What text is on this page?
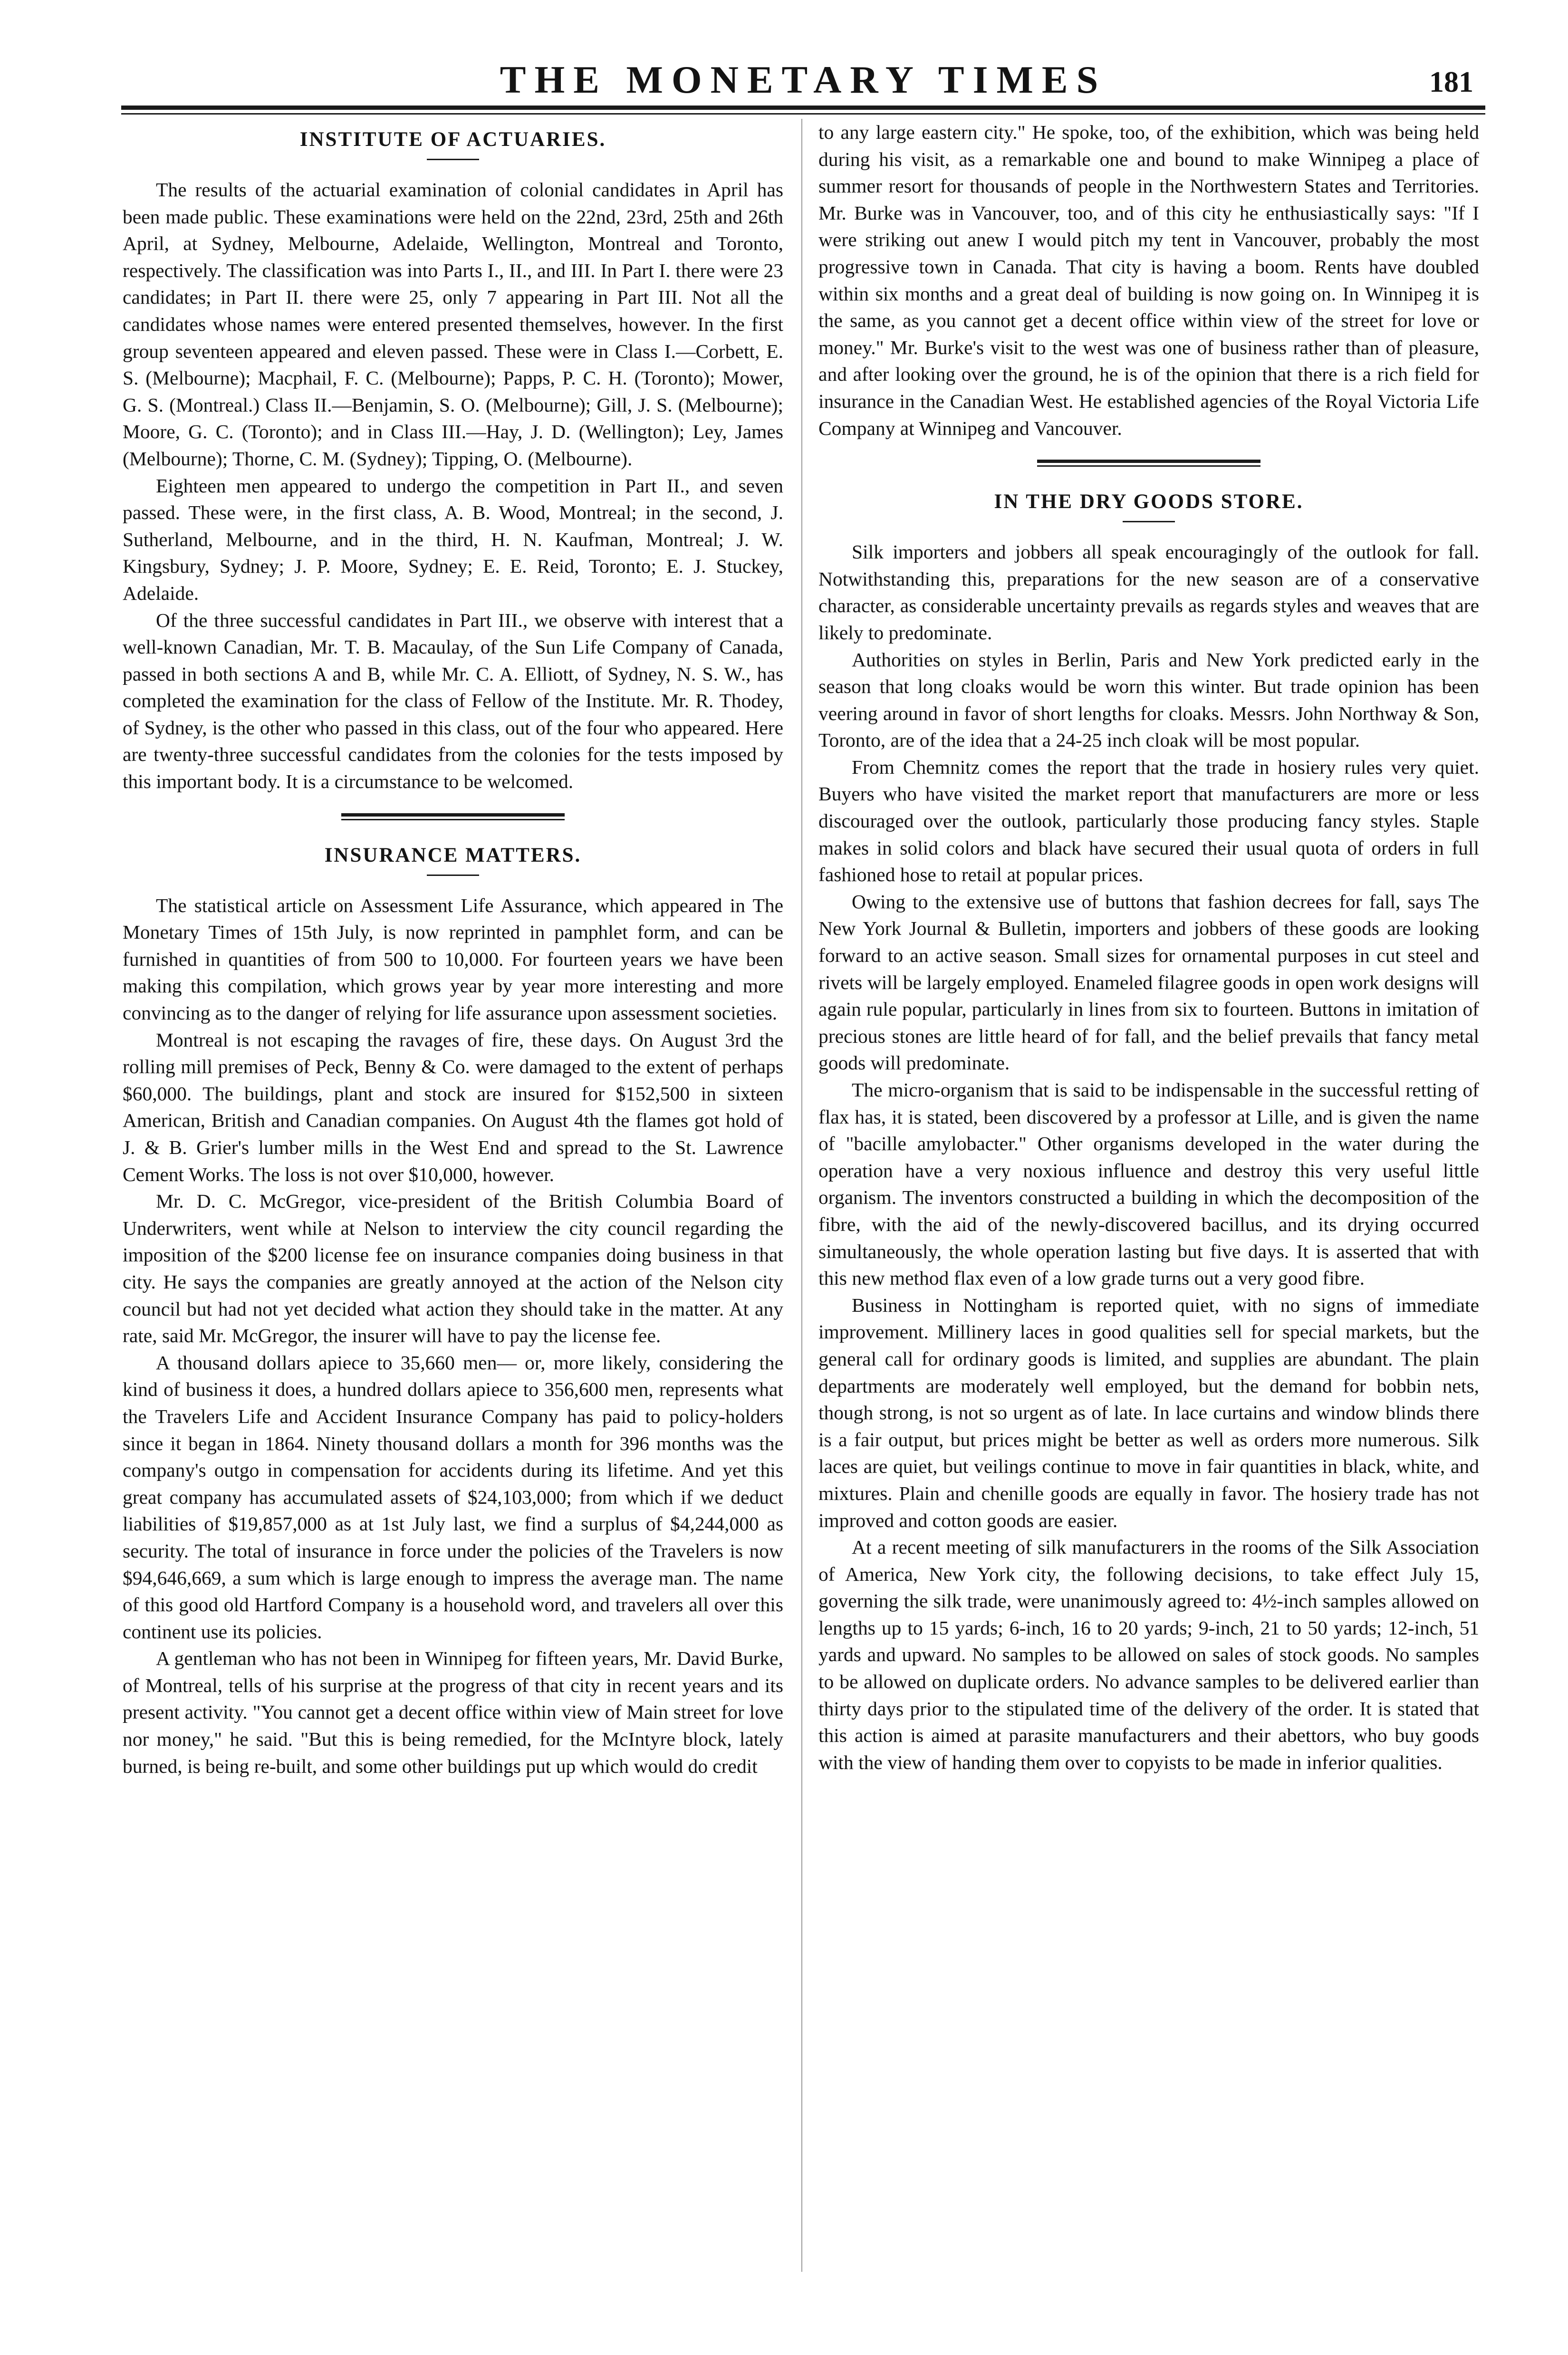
THE MONETARY TIMES	181
INSTITUTE OF ACTUARIES.

The results of the actuarial examination of colonial candidates in April has been made public. These examinations were held on the 22nd, 23rd, 25th and 26th April, at Sydney, Melbourne, Adelaide, Wellington, Montreal and Toronto, respectively. The classification was into Parts I., II., and III. In Part I. there were 23 candidates; in Part II. there were 25, only 7 appearing in Part III. Not all the candidates whose names were entered presented themselves, however. In the first group seventeen appeared and eleven passed. These were in Class I.—Corbett, E. S. (Melbourne); Macphail, F. C. (Melbourne); Papps, P. C. H. (Toronto); Mower, G. S. (Montreal.) Class II.—Benjamin, S. O. (Melbourne); Gill, J. S. (Melbourne); Moore, G. C. (Toronto); and in Class III.—Hay, J. D. (Wellington); Ley, James (Melbourne); Thorne, C. M. (Sydney); Tipping, O. (Melbourne).

Eighteen men appeared to undergo the competition in Part II., and seven passed. These were, in the first class, A. B. Wood, Montreal; in the second, J. Sutherland, Melbourne, and in the third, H. N. Kaufman, Montreal; J. W. Kingsbury, Sydney; J. P. Moore, Sydney; E. E. Reid, Toronto; E. J. Stuckey, Adelaide.

Of the three successful candidates in Part III., we observe with interest that a well-known Canadian, Mr. T. B. Macaulay, of the Sun Life Company of Canada, passed in both sections A and B, while Mr. C. A. Elliott, of Sydney, N. S. W., has completed the examination for the class of Fellow of the Institute. Mr. R. Thodey, of Sydney, is the other who passed in this class, out of the four who appeared. Here are twenty-three successful candidates from the colonies for the tests imposed by this important body. It is a circumstance to be welcomed.

INSURANCE MATTERS.

The statistical article on Assessment Life Assurance, which appeared in The Monetary Times of 15th July, is now reprinted in pamphlet form, and can be furnished in quantities of from 500 to 10,000. For fourteen years we have been making this compilation, which grows year by year more interesting and more convincing as to the danger of relying for life assurance upon assessment societies.

Montreal is not escaping the ravages of fire, these days. On August 3rd the rolling mill premises of Peck, Benny & Co. were damaged to the extent of perhaps $60,000. The buildings, plant and stock are insured for $152,500 in sixteen American, British and Canadian companies. On August 4th the flames got hold of J. & B. Grier's lumber mills in the West End and spread to the St. Lawrence Cement Works. The loss is not over $10,000, however.

Mr. D. C. McGregor, vice-president of the British Columbia Board of Underwriters, went while at Nelson to interview the city council regarding the imposition of the $200 license fee on insurance companies doing business in that city. He says the companies are greatly annoyed at the action of the Nelson city council but had not yet decided what action they should take in the matter. At any rate, said Mr. McGregor, the insurer will have to pay the license fee.

A thousand dollars apiece to 35,660 men— or, more likely, considering the kind of business it does, a hundred dollars apiece to 356,600 men, represents what the Travelers Life and Accident Insurance Company has paid to policy-holders since it began in 1864. Ninety thousand dollars a month for 396 months was the company's outgo in compensation for accidents during its lifetime. And yet this great company has accumulated assets of $24,103,000; from which if we deduct liabilities of $19,857,000 as at 1st July last, we find a surplus of $4,244,000 as security. The total of insurance in force under the policies of the Travelers is now $94,646,669, a sum which is large enough to impress the average man. The name of this good old Hartford Company is a household word, and travelers all over this continent use its policies.

A gentleman who has not been in Winnipeg for fifteen years, Mr. David Burke, of Montreal, tells of his surprise at the progress of that city in recent years and its present activity. "You cannot get a decent office within view of Main street for love nor money," he said. "But this is being remedied, for the McIntyre block, lately burned, is being re-built, and some other buildings put up which would do credit

to any large eastern city." He spoke, too, of the exhibition, which was being held during his visit, as a remarkable one and bound to make Winnipeg a place of summer resort for thousands of people in the Northwestern States and Territories. Mr. Burke was in Vancouver, too, and of this city he enthusiastically says: "If I were striking out anew I would pitch my tent in Vancouver, probably the most progressive town in Canada. That city is having a boom. Rents have doubled within six months and a great deal of building is now going on. In Winnipeg it is the same, as you cannot get a decent office within view of the street for love or money." Mr. Burke's visit to the west was one of business rather than of pleasure, and after looking over the ground, he is of the opinion that there is a rich field for insurance in the Canadian West. He established agencies of the Royal Victoria Life Company at Winnipeg and Vancouver.

IN THE DRY GOODS STORE.

Silk importers and jobbers all speak encouragingly of the outlook for fall. Notwithstanding this, preparations for the new season are of a conservative character, as considerable uncertainty prevails as regards styles and weaves that are likely to predominate.

Authorities on styles in Berlin, Paris and New York predicted early in the season that long cloaks would be worn this winter. But trade opinion has been veering around in favor of short lengths for cloaks. Messrs. John Northway & Son, Toronto, are of the idea that a 24-25 inch cloak will be most popular.

From Chemnitz comes the report that the trade in hosiery rules very quiet. Buyers who have visited the market report that manufacturers are more or less discouraged over the outlook, particularly those producing fancy styles. Staple makes in solid colors and black have secured their usual quota of orders in full fashioned hose to retail at popular prices.

Owing to the extensive use of buttons that fashion decrees for fall, says The New York Journal & Bulletin, importers and jobbers of these goods are looking forward to an active season. Small sizes for ornamental purposes in cut steel and rivets will be largely employed. Enameled filagree goods in open work designs will again rule popular, particularly in lines from six to fourteen. Buttons in imitation of precious stones are little heard of for fall, and the belief prevails that fancy metal goods will predominate.

The micro-organism that is said to be indispensable in the successful retting of flax has, it is stated, been discovered by a professor at Lille, and is given the name of "bacille amylobacter." Other organisms developed in the water during the operation have a very noxious influence and destroy this very useful little organism. The inventors constructed a building in which the decomposition of the fibre, with the aid of the newly-discovered bacillus, and its drying occurred simultaneously, the whole operation lasting but five days. It is asserted that with this new method flax even of a low grade turns out a very good fibre.

Business in Nottingham is reported quiet, with no signs of immediate improvement. Millinery laces in good qualities sell for special markets, but the general call for ordinary goods is limited, and supplies are abundant. The plain departments are moderately well employed, but the demand for bobbin nets, though strong, is not so urgent as of late. In lace curtains and window blinds there is a fair output, but prices might be better as well as orders more numerous. Silk laces are quiet, but veilings continue to move in fair quantities in black, white, and mixtures. Plain and chenille goods are equally in favor. The hosiery trade has not improved and cotton goods are easier.

At a recent meeting of silk manufacturers in the rooms of the Silk Association of America, New York city, the following decisions, to take effect July 15, governing the silk trade, were unanimously agreed to: 4½-inch samples allowed on lengths up to 15 yards; 6-inch, 16 to 20 yards; 9-inch, 21 to 50 yards; 12-inch, 51 yards and upward. No samples to be allowed on sales of stock goods. No samples to be allowed on duplicate orders. No advance samples to be delivered earlier than thirty days prior to the stipulated time of the delivery of the order. It is stated that this action is aimed at parasite manufacturers and their abettors, who buy goods with the view of handing them over to copyists to be made in inferior qualities.
